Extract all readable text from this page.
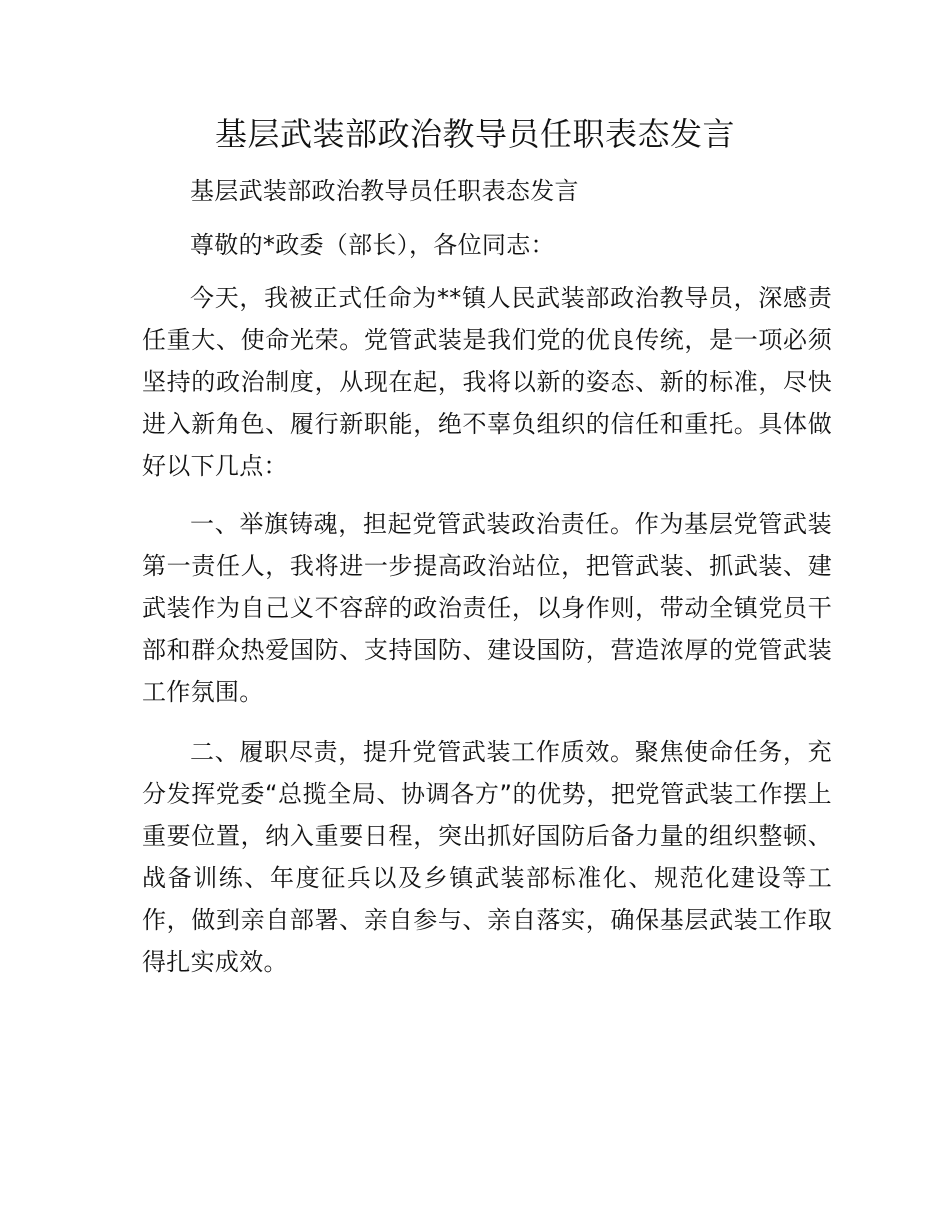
基层武装部政治教导员任职表态发言

基层武装部政治教导员任职表态发言

尊敬的*政委（部长），各位同志：

今天，我被正式任命为**镇人民武装部政治教导员，深感责任重大、使命光荣。党管武装是我们党的优良传统，是一项必须坚持的政治制度，从现在起，我将以新的姿态、新的标准，尽快进入新角色、履行新职能，绝不辜负组织的信任和重托。具体做好以下几点：

一、举旗铸魂，担起党管武装政治责任。作为基层党管武装第一责任人，我将进一步提高政治站位，把管武装、抓武装、建武装作为自己义不容辞的政治责任，以身作则，带动全镇党员干部和群众热爱国防、支持国防、建设国防，营造浓厚的党管武装工作氛围。

二、履职尽责，提升党管武装工作质效。聚焦使命任务，充分发挥党委“总揽全局、协调各方”的优势，把党管武装工作摆上重要位置，纳入重要日程，突出抓好国防后备力量的组织整顿、战备训练、年度征兵以及乡镇武装部标准化、规范化建设等工作，做到亲自部署、亲自参与、亲自落实，确保基层武装工作取得扎实成效。
